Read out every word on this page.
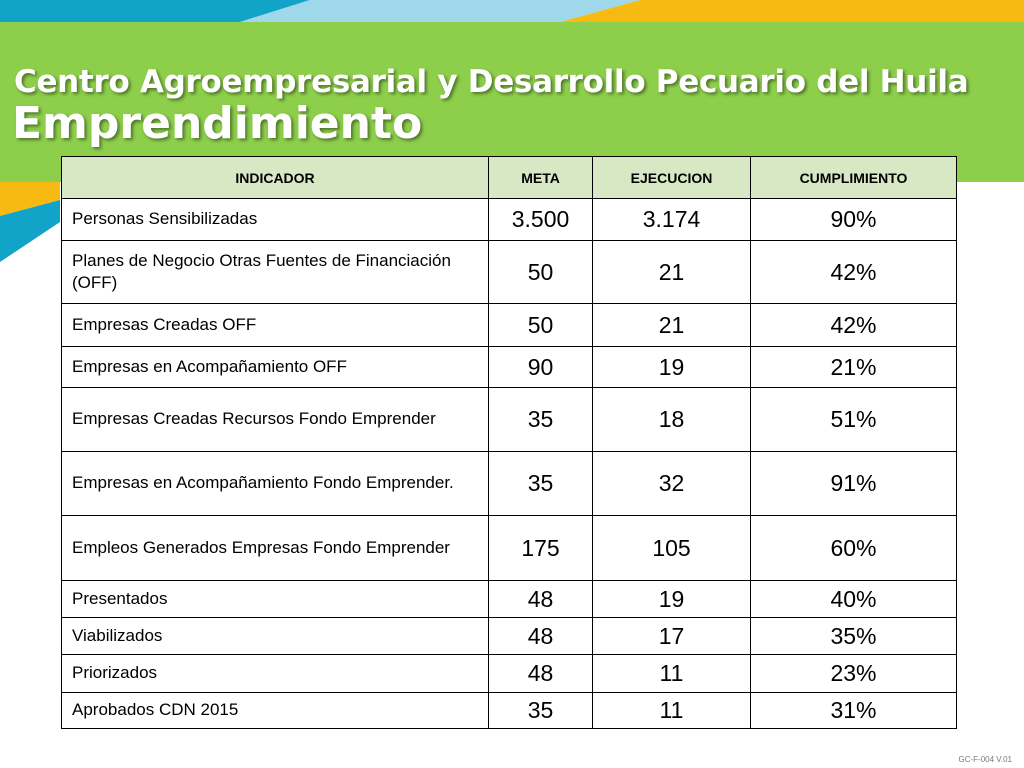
Centro Agroempresarial y Desarrollo Pecuario del Huila
Emprendimiento
INDICADOR	META	EJECUCION	CUMPLIMIENTO
Personas Sensibilizadas	3.500	3.174	90%
Planes de Negocio Otras Fuentes de Financiación (OFF)	50	21	42%
Empresas Creadas OFF	50	21	42%
Empresas en Acompañamiento OFF	90	19	21%
Empresas Creadas Recursos Fondo Emprender	35	18	51%
Empresas en Acompañamiento Fondo Emprender.	35	32	91%
Empleos Generados Empresas Fondo Emprender	175	105	60%
Presentados	48	19	40%
Viabilizados	48	17	35%
Priorizados	48	11	23%
Aprobados CDN 2015	35	11	31%
GC-F-004 V.01
